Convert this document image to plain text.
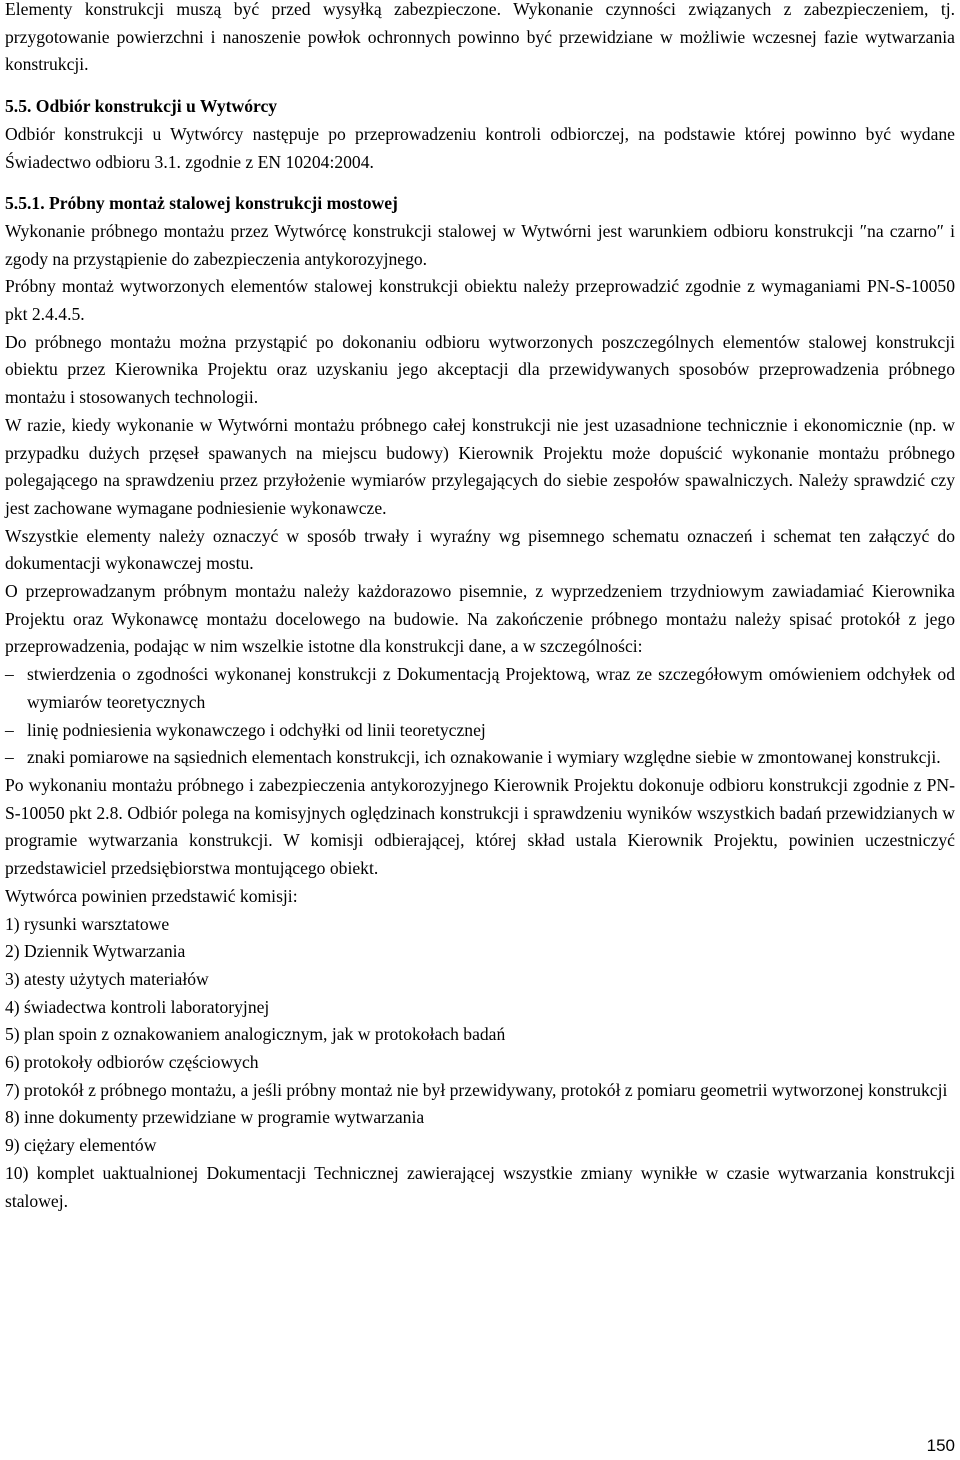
Elementy konstrukcji muszą być przed wysyłką zabezpieczone. Wykonanie czynności związanych z zabezpieczeniem, tj. przygotowanie powierzchni i nanoszenie powłok ochronnych powinno być przewidziane w możliwie wczesnej fazie wytwarzania konstrukcji.

5.5. Odbiór konstrukcji u Wytwórcy

Odbiór konstrukcji u Wytwórcy następuje po przeprowadzeniu kontroli odbiorczej, na podstawie której powinno być wydane Świadectwo odbioru 3.1. zgodnie z EN 10204:2004.

5.5.1. Próbny montaż stalowej konstrukcji mostowej

Wykonanie próbnego montażu przez Wytwórcę konstrukcji stalowej w Wytwórni jest warunkiem odbioru konstrukcji ″na czarno″ i zgody na przystąpienie do zabezpieczenia antykorozyjnego.

Próbny montaż wytworzonych elementów stalowej konstrukcji obiektu należy przeprowadzić zgodnie z wymaganiami PN-S-10050 pkt 2.4.4.5.

Do próbnego montażu można przystąpić po dokonaniu odbioru wytworzonych poszczególnych elementów stalowej konstrukcji obiektu przez Kierownika Projektu oraz uzyskaniu jego akceptacji dla przewidywanych sposobów przeprowadzenia próbnego montażu i stosowanych technologii.

W razie, kiedy wykonanie w Wytwórni montażu próbnego całej konstrukcji nie jest uzasadnione technicznie i ekonomicznie (np. w przypadku dużych przęseł spawanych na miejscu budowy) Kierownik Projektu może dopuścić wykonanie montażu próbnego polegającego na sprawdzeniu przez przyłożenie wymiarów przylegających do siebie zespołów spawalniczych. Należy sprawdzić czy jest zachowane wymagane podniesienie wykonawcze.

Wszystkie elementy należy oznaczyć w sposób trwały i wyraźny wg pisemnego schematu oznaczeń i schemat ten załączyć do dokumentacji wykonawczej mostu.

O przeprowadzanym próbnym montażu należy każdorazowo pisemnie, z wyprzedzeniem trzydniowym zawiadamiać Kierownika Projektu oraz Wykonawcę montażu docelowego na budowie. Na zakończenie próbnego montażu należy spisać protokół z jego przeprowadzenia, podając w nim wszelkie istotne dla konstrukcji dane, a w szczególności:

– stwierdzenia o zgodności wykonanej konstrukcji z Dokumentacją Projektową, wraz ze szczegółowym omówieniem odchyłek od wymiarów teoretycznych
– linię podniesienia wykonawczego i odchyłki od linii teoretycznej
– znaki pomiarowe na sąsiednich elementach konstrukcji, ich oznakowanie i wymiary względne siebie w zmontowanej konstrukcji.

Po wykonaniu montażu próbnego i zabezpieczenia antykorozyjnego Kierownik Projektu dokonuje odbioru konstrukcji zgodnie z PN-S-10050 pkt 2.8. Odbiór polega na komisyjnych oględzinach konstrukcji i sprawdzeniu wyników wszystkich badań przewidzianych w programie wytwarzania konstrukcji. W komisji odbierającej, której skład ustala Kierownik Projektu, powinien uczestniczyć przedstawiciel przedsiębiorstwa montującego obiekt.

Wytwórca powinien przedstawić komisji:

1) rysunki warsztatowe

2) Dziennik Wytwarzania

3) atesty użytych materiałów

4) świadectwa kontroli laboratoryjnej

5) plan spoin z oznakowaniem analogicznym, jak w protokołach badań

6) protokoły odbiorów częściowych

7) protokół z próbnego montażu, a jeśli próbny montaż nie był przewidywany, protokół z pomiaru geometrii wytworzonej konstrukcji

8) inne dokumenty przewidziane w programie wytwarzania

9) ciężary elementów

10) komplet uaktualnionej Dokumentacji Technicznej zawierającej wszystkie zmiany wynikłe w czasie wytwarzania konstrukcji stalowej.

150
